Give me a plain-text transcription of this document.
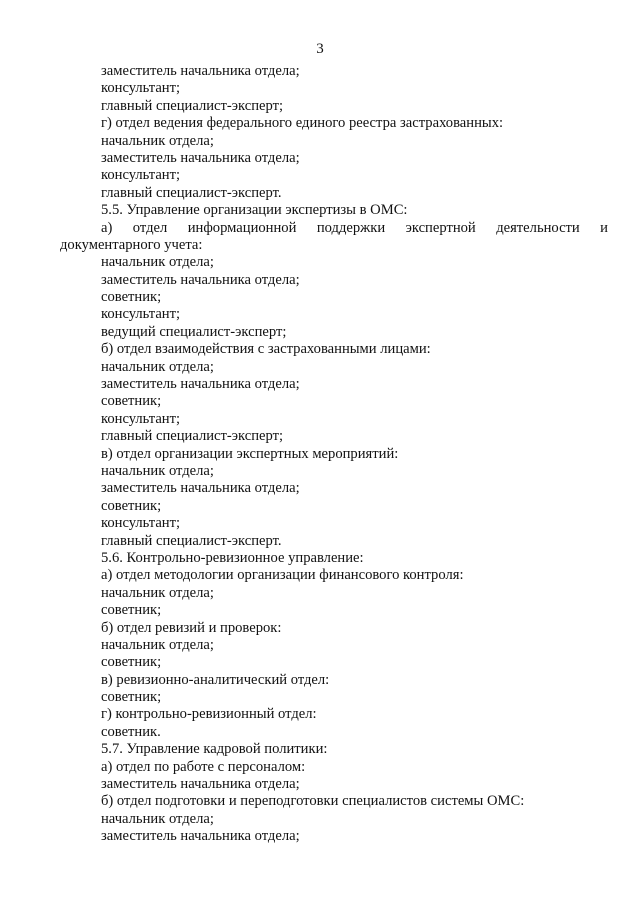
3
заместитель начальника отдела;
консультант;
главный специалист-эксперт;
г) отдел ведения федерального единого реестра застрахованных:
начальник отдела;
заместитель начальника отдела;
консультант;
главный специалист-эксперт.
5.5. Управление организации экспертизы в ОМС:
а) отдел информационной поддержки экспертной деятельности и
документарного учета:
начальник отдела;
заместитель начальника отдела;
советник;
консультант;
ведущий специалист-эксперт;
б) отдел взаимодействия с застрахованными лицами:
начальник отдела;
заместитель начальника отдела;
советник;
консультант;
главный специалист-эксперт;
в) отдел организации экспертных мероприятий:
начальник отдела;
заместитель начальника отдела;
советник;
консультант;
главный специалист-эксперт.
5.6. Контрольно-ревизионное управление:
а) отдел методологии организации финансового контроля:
начальник отдела;
советник;
б) отдел ревизий и проверок:
начальник отдела;
советник;
в) ревизионно-аналитический отдел:
советник;
г) контрольно-ревизионный отдел:
советник.
5.7. Управление кадровой политики:
а) отдел по работе с персоналом:
заместитель начальника отдела;
б) отдел подготовки и переподготовки специалистов системы ОМС:
начальник отдела;
заместитель начальника отдела;
